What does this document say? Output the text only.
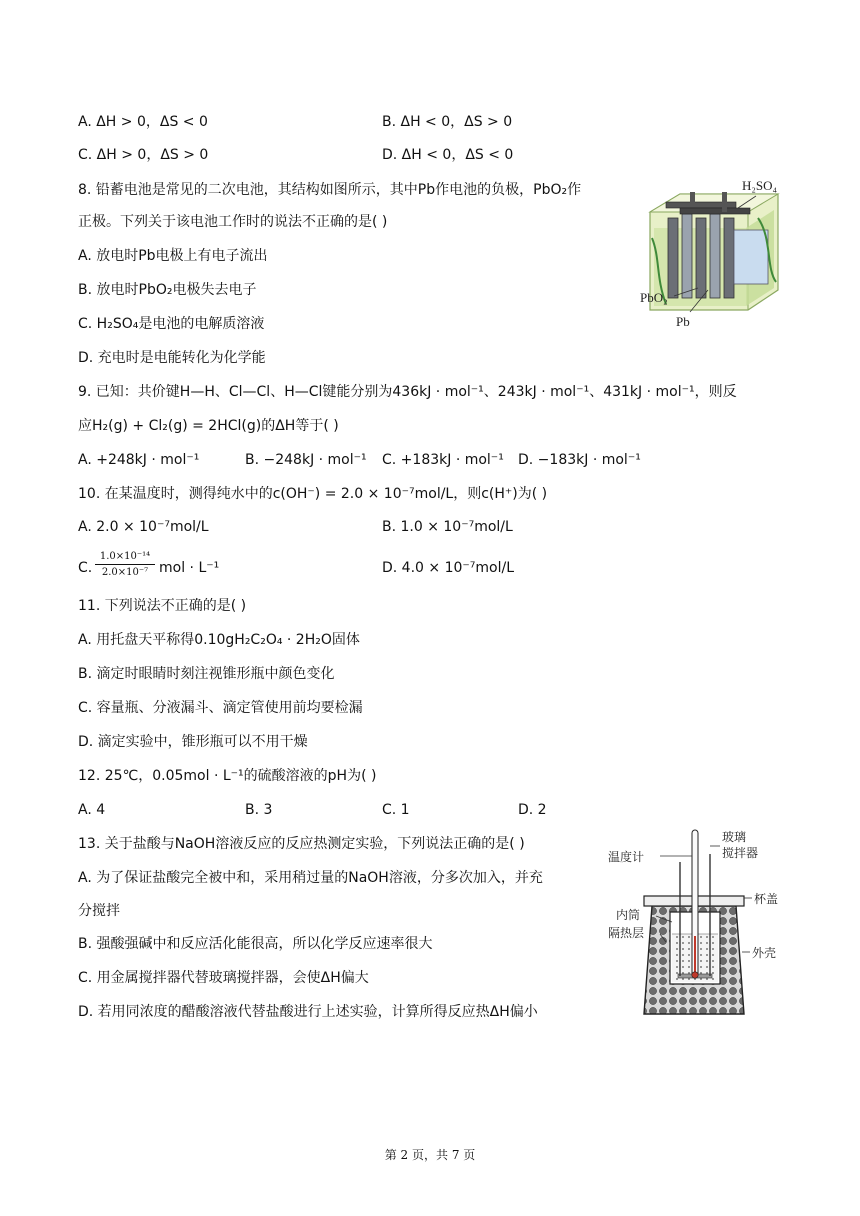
A. ΔH > 0，ΔS < 0	B. ΔH < 0，ΔS > 0
C. ΔH > 0，ΔS > 0	D. ΔH < 0，ΔS < 0
8. 铅蓄电池是常见的二次电池，其结构如图所示，其中Pb作电池的负极，PbO₂作
正极。下列关于该电池工作时的说法不正确的是( )
A. 放电时Pb电极上有电子流出
B. 放电时PbO₂电极失去电子
C. H₂SO₄是电池的电解质溶液
D. 充电时是电能转化为化学能
H₂SO₄
PbO₂
Pb
9. 已知：共价键H—H、Cl—Cl、H—Cl键能分别为436kJ · mol⁻¹、243kJ · mol⁻¹、431kJ · mol⁻¹，则反
应H₂(g) + Cl₂(g) = 2HCl(g)的ΔH等于( )
A. +248kJ · mol⁻¹	B. −248kJ · mol⁻¹ C. +183kJ · mol⁻¹ D. −183kJ · mol⁻¹
10. 在某温度时，测得纯水中的c(OH⁻) = 2.0 × 10⁻⁷mol/L，则c(H⁺)为( )
A. 2.0 × 10⁻⁷mol/L	B. 1.0 × 10⁻⁷mol/L
C.
1.0×10⁻¹⁴
2.0×10⁻⁷ mol · L⁻¹	D. 4.0 × 10⁻⁷mol/L
11. 下列说法不正确的是( )
A. 用托盘天平称得0.10gH₂C₂O₄ · 2H₂O固体
B. 滴定时眼睛时刻注视锥形瓶中颜色变化
C. 容量瓶、分液漏斗、滴定管使用前均要检漏
D. 滴定实验中，锥形瓶可以不用干燥
12. 25℃，0.05mol · L⁻¹的硫酸溶液的pH为( )
A. 4	B. 3	C. 1	D. 2
13. 关于盐酸与NaOH溶液反应的反应热测定实验，下列说法正确的是( )
A. 为了保证盐酸完全被中和，采用稍过量的NaOH溶液，分多次加入，并充
分搅拌
B. 强酸强碱中和反应活化能很高，所以化学反应速率很大
C. 用金属搅拌器代替玻璃搅拌器，会使ΔH偏大
D. 若用同浓度的醋酸溶液代替盐酸进行上述实验，计算所得反应热ΔH偏小
温度计
玻璃
搅拌器
杯盖
内筒
隔热层
外壳
第 2 页，共 7 页
